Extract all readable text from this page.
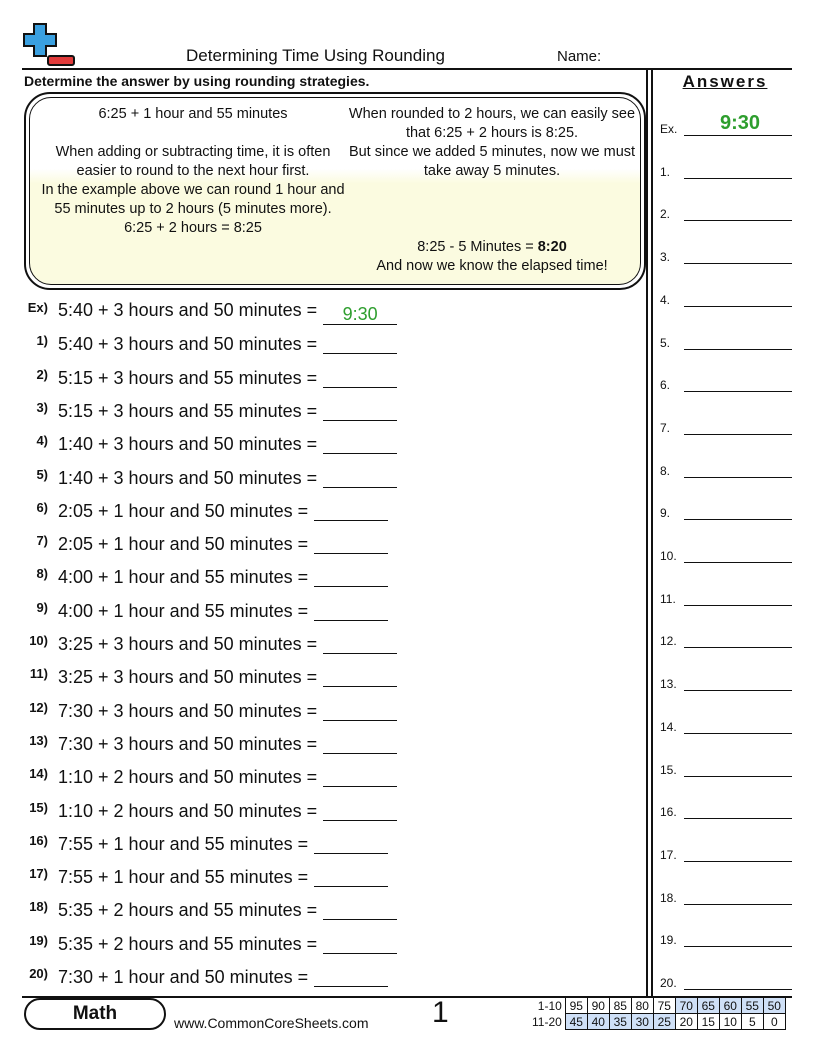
Determining Time Using Rounding	Name:
Determine the answer by using rounding strategies.	Answers

6:25 + 1 hour and 55 minutes

When adding or subtracting time, it is often easier to round to the next hour first.

In the example above we can round 1 hour and 55 minutes up to 2 hours (5 minutes more).

6:25 + 2 hours = 8:25

When rounded to 2 hours, we can easily see that 6:25 + 2 hours is 8:25.

But since we added 5 minutes, now we must take away 5 minutes.

8:25 - 5 Minutes = 8:20

And now we know the elapsed time!

Ex) 5:40 + 3 hours and 50 minutes = 9:30
1) 5:40 + 3 hours and 50 minutes =
2) 5:15 + 3 hours and 55 minutes =
3) 5:15 + 3 hours and 55 minutes =
4) 1:40 + 3 hours and 50 minutes =
5) 1:40 + 3 hours and 50 minutes =
6) 2:05 + 1 hour and 50 minutes =
7) 2:05 + 1 hour and 50 minutes =
8) 4:00 + 1 hour and 55 minutes =
9) 4:00 + 1 hour and 55 minutes =
10) 3:25 + 3 hours and 50 minutes =
11) 3:25 + 3 hours and 50 minutes =
12) 7:30 + 3 hours and 50 minutes =
13) 7:30 + 3 hours and 50 minutes =
14) 1:10 + 2 hours and 50 minutes =
15) 1:10 + 2 hours and 50 minutes =
16) 7:55 + 1 hour and 55 minutes =
17) 7:55 + 1 hour and 55 minutes =
18) 5:35 + 2 hours and 55 minutes =
19) 5:35 + 2 hours and 55 minutes =
20) 7:30 + 1 hour and 50 minutes =
Ex.	9:30
1.
2.
3.
4.
5.
6.
7.
8.
9.
10.
11.
12.
13.
14.
15.
16.
17.
18.
19.
20.
Math	www.CommonCoreSheets.com 1	1-10	95	90	85	80	75	70	65	60	55	50
11-20	45	40	35	30	25	20	15	10	5	0
